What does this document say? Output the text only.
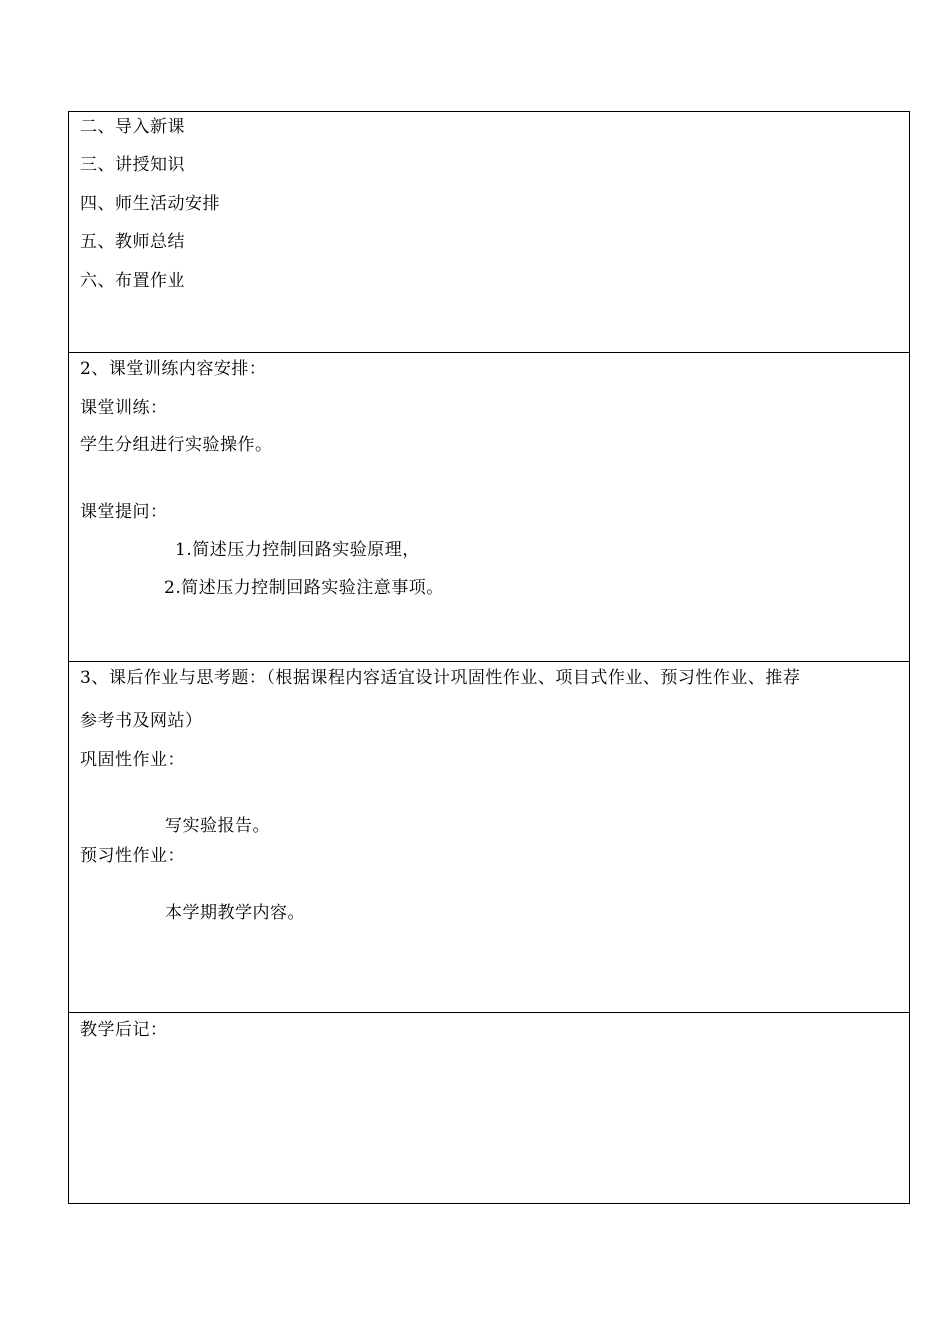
二、导入新课
三、讲授知识
四、师生活动安排
五、教师总结
六、布置作业

2、课堂训练内容安排：
课堂训练：
学生分组进行实验操作。
课堂提问：
1.简述压力控制回路实验原理，
2.简述压力控制回路实验注意事项。

3、课后作业与思考题：（根据课程内容适宜设计巩固性作业、项目式作业、预习性作业、推荐
参考书及网站）
巩固性作业：
写实验报告。
预习性作业：
本学期教学内容。

教学后记：
